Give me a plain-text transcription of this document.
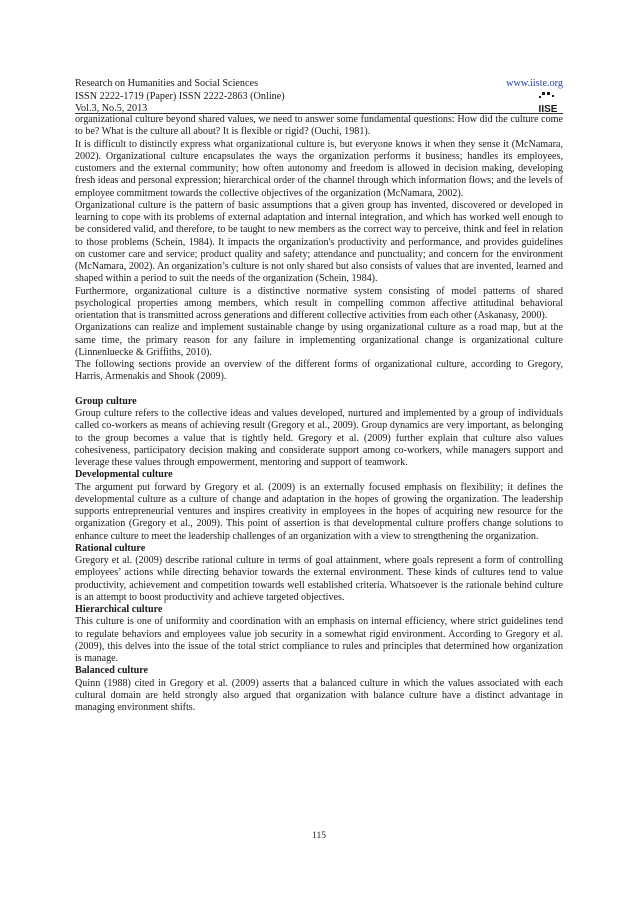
Research on Humanities and Social Sciences
ISSN 2222-1719 (Paper) ISSN 2222-2863 (Online)
Vol.3, No.5, 2013
www.iiste.org
IISE

organizational culture beyond shared values, we need to answer some fundamental questions: How did the culture come to be? What is the culture all about? It is flexible or rigid? (Ouchi, 1981).

It is difficult to distinctly express what organizational culture is, but everyone knows it when they sense it (McNamara, 2002). Organizational culture encapsulates the ways the organization performs it business; handles its employees, customers and the external community; how often autonomy and freedom is allowed in decision making, developing fresh ideas and personal expression; hierarchical order of the channel through which information flows; and the levels of employee commitment towards the collective objectives of the organization (McNamara, 2002).

Organizational culture is the pattern of basic assumptions that a given group has invented, discovered or developed in learning to cope with its problems of external adaptation and internal integration, and which has worked well enough to be considered valid, and therefore, to be taught to new members as the correct way to perceive, think and feel in relation to those problems (Schein, 1984). It impacts the organization's productivity and performance, and provides guidelines on customer care and service; product quality and safety; attendance and punctuality; and concern for the environment (McNamara, 2002). An organization’s culture is not only shared but also consists of values that are invented, learned and shaped within a period to suit the needs of the organization (Schein, 1984).

Furthermore, organizational culture is a distinctive normative system consisting of model patterns of shared psychological properties among members, which result in compelling common affective attitudinal behavioral orientation that is transmitted across generations and different collective activities from each other (Askanasy, 2000).

Organizations can realize and implement sustainable change by using organizational culture as a road map, but at the same time, the primary reason for any failure in implementing organizational change is organizational culture (Linnenluecke & Griffiths, 2010).

The following sections provide an overview of the different forms of organizational culture, according to Gregory, Harris, Armenakis and Shook (2009).

Group culture

Group culture refers to the collective ideas and values developed, nurtured and implemented by a group of individuals called co-workers as means of achieving result (Gregory et al., 2009). Group dynamics are very important, as belonging to the group becomes a value that is tightly held. Gregory et al. (2009) further explain that culture also values cohesiveness, participatory decision making and considerate support among co-workers, while managers support and leverage these values through empowerment, mentoring and support of teamwork.

Developmental culture

The argument put forward by Gregory et al. (2009) is an externally focused emphasis on flexibility; it defines the developmental culture as a culture of change and adaptation in the hopes of growing the organization. The leadership supports entrepreneurial ventures and inspires creativity in employees in the hopes of acquiring new resource for the organization (Gregory et al., 2009). This point of assertion is that developmental culture proffers change solutions to enhance culture to meet the leadership challenges of an organization with a view to strengthening the organization.

Rational culture

Gregory et al. (2009) describe rational culture in terms of goal attainment, where goals represent a form of controlling employees’ actions while directing behavior towards the external environment. These kinds of cultures tend to value productivity, achievement and competition towards well established criteria. Whatsoever is the rationale behind culture is an attempt to boost productivity and achieve targeted objectives.

Hierarchical culture

This culture is one of uniformity and coordination with an emphasis on internal efficiency, where strict guidelines tend to regulate behaviors and employees value job security in a somewhat rigid environment. According to Gregory et al. (2009), this delves into the issue of the total strict compliance to rules and principles that determined how organization is manage.

Balanced culture

Quinn (1988) cited in Gregory et al. (2009) asserts that a balanced culture in which the values associated with each cultural domain are held strongly also argued that organization with balance culture have a distinct advantage in managing environment shifts.

115
